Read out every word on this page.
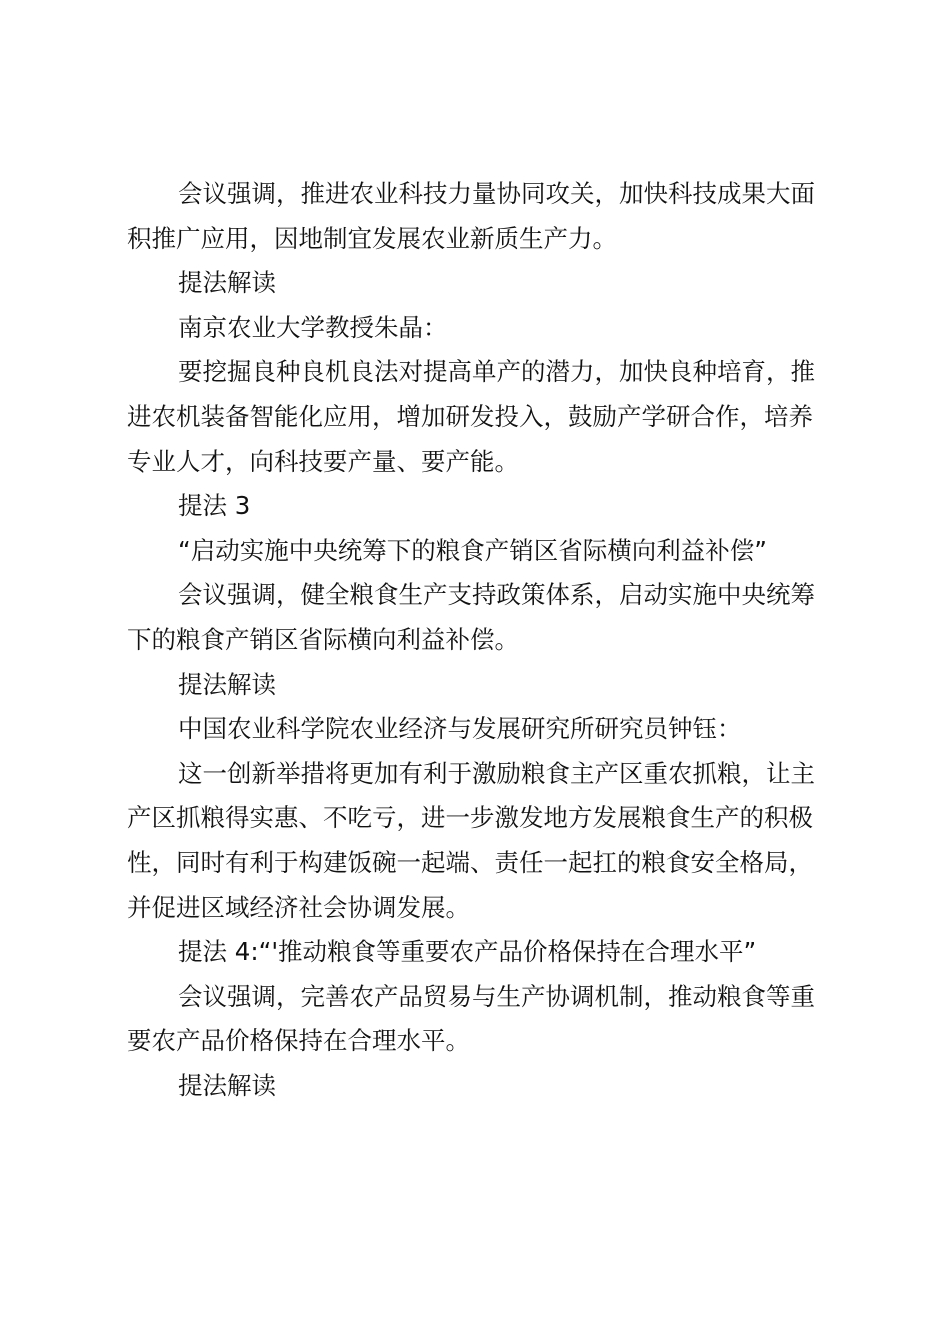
会议强调，推进农业科技力量协同攻关，加快科技成果大面积推广应用，因地制宜发展农业新质生产力。

提法解读

南京农业大学教授朱晶：

要挖掘良种良机良法对提高单产的潜力，加快良种培育，推进农机装备智能化应用，增加研发投入，鼓励产学研合作，培养专业人才，向科技要产量、要产能。

提法 3

“启动实施中央统筹下的粮食产销区省际横向利益补偿”

会议强调，健全粮食生产支持政策体系，启动实施中央统筹下的粮食产销区省际横向利益补偿。

提法解读

中国农业科学院农业经济与发展研究所研究员钟钰：

这一创新举措将更加有利于激励粮食主产区重农抓粮，让主产区抓粮得实惠、不吃亏，进一步激发地方发展粮食生产的积极性，同时有利于构建饭碗一起端、责任一起扛的粮食安全格局，并促进区域经济社会协调发展。

提法 4:“'推动粮食等重要农产品价格保持在合理水平”

会议强调，完善农产品贸易与生产协调机制，推动粮食等重要农产品价格保持在合理水平。

提法解读
